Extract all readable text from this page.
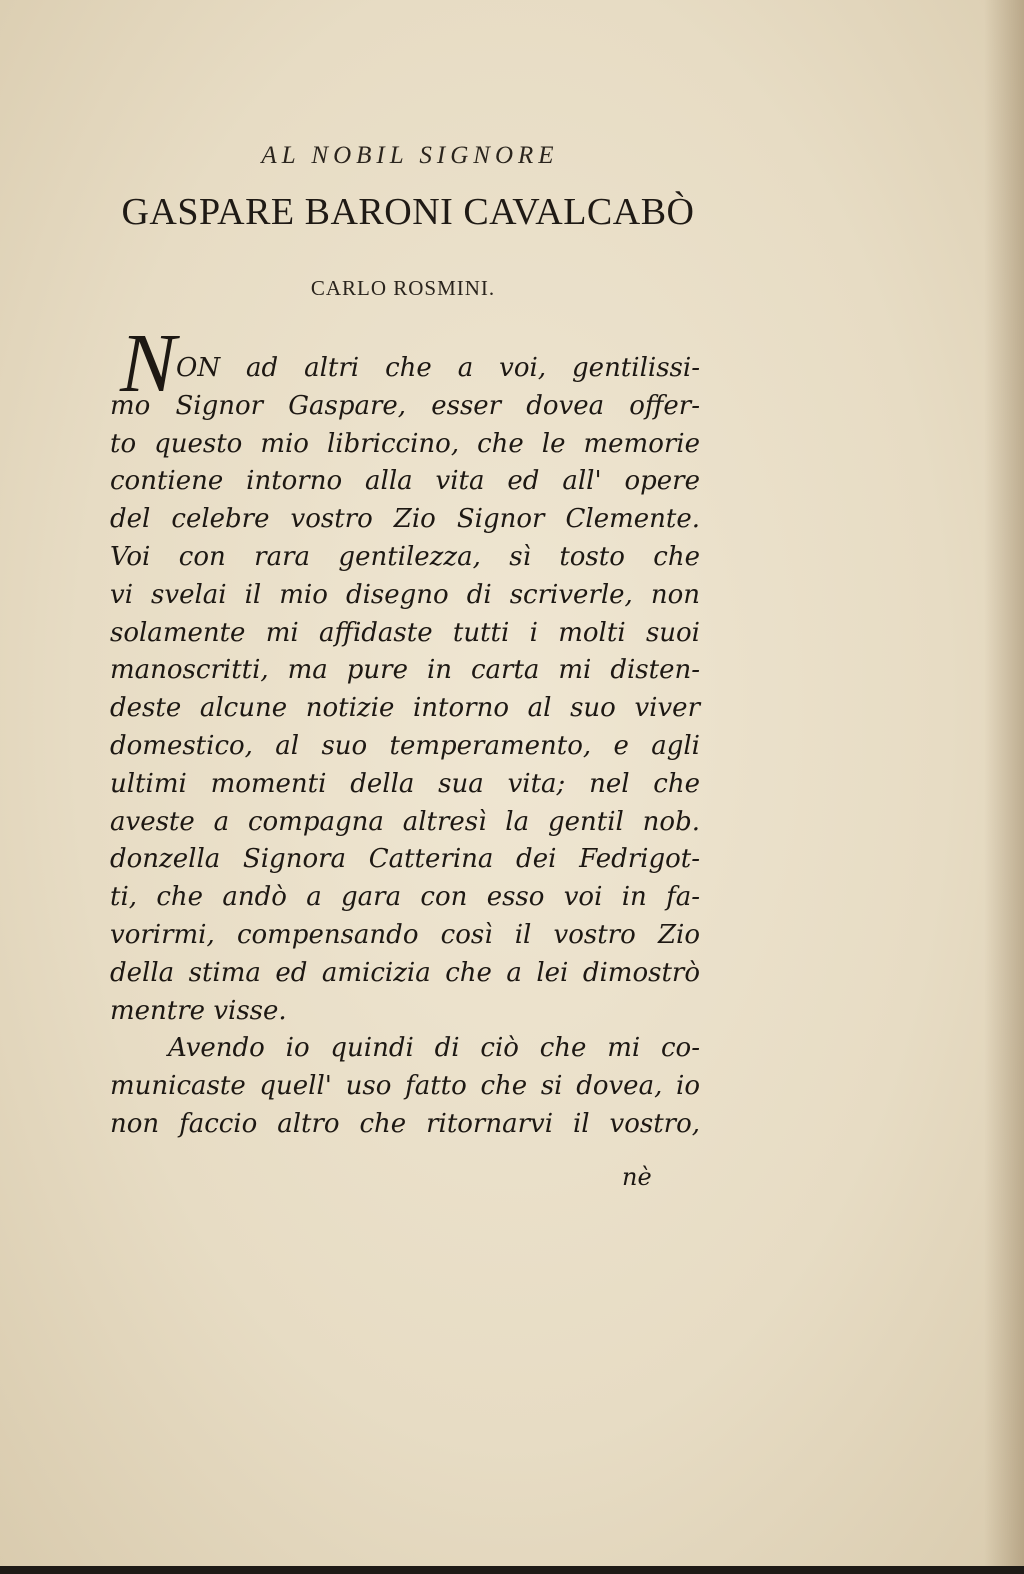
AL NOBIL SIGNORE
GASPARE BARONI CAVALCABÒ
CARLO ROSMINI.
N ON ad altri che a voi, gentilissi-
mo Signor Gaspare, esser dovea offer-
to questo mio libriccino, che le memorie
contiene intorno alla vita ed all' opere
del celebre vostro Zio Signor Clemente.
Voi con rara gentilezza, sì tosto che
vi svelai il mio disegno di scriverle, non
solamente mi affidaste tutti i molti suoi
manoscritti, ma pure in carta mi disten-
deste alcune notizie intorno al suo viver
domestico, al suo temperamento, e agli
ultimi momenti della sua vita; nel che
aveste a compagna altresì la gentil nob.
donzella Signora Catterina dei Fedrigot-
ti, che andò a gara con esso voi in fa-
vorirmi, compensando così il vostro Zio
della stima ed amicizia che a lei dimostrò
mentre visse.
Avendo io quindi di ciò che mi co-
municaste quell' uso fatto che si dovea, io
non faccio altro che ritornarvi il vostro,
nè
